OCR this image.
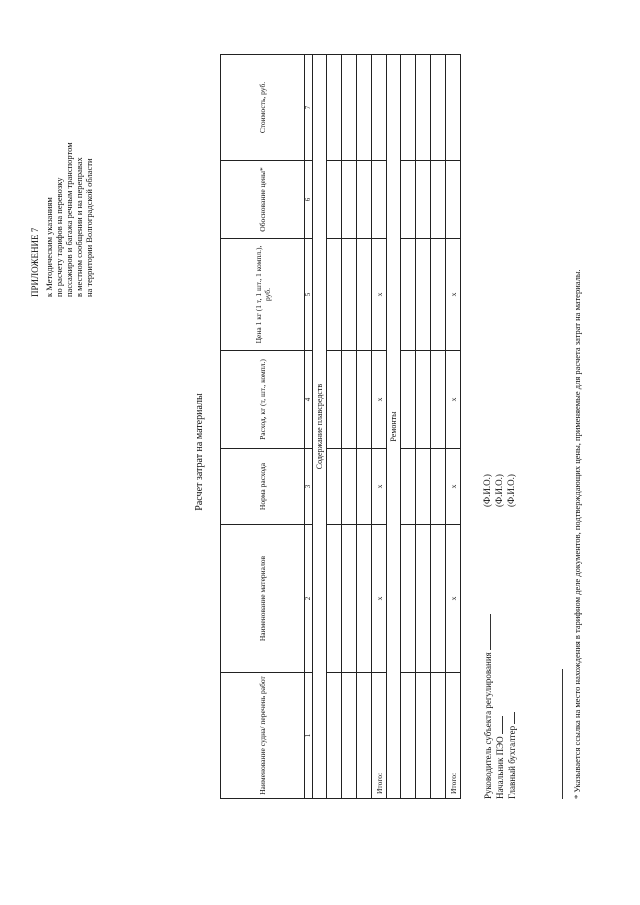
ПРИЛОЖЕНИЕ 7 к Методическим указаниям по расчету тарифов на перевозку пассажиров и багажа речным транспортом в местном сообщении и на переправах на территории Волгоградской области
Расчет затрат на материалы
Наименование судна/ перечень работ	Наименование материалов	Норма расхода	Расход, кг (т, шт., компл.)	Цена 1 кг (1 т, 1 шт., 1 компл.), руб.	Обоснование цены*	Стоимость, руб.
1	2	3	4	5	6	7
Содержание плавсредств						

Итого:	х	х	х	х		
Ремонты						

Итого:	х	х	х	х		
Руководитель субъекта регулирования Начальник ПЭО Главный бухгалтер
(Ф.И.О.) (Ф.И.О.) (Ф.И.О.)	* Указывается ссылка на место нахождения в тарифном деле документов, подтверждающих цены, применяемые для расчета затрат на материалы.
